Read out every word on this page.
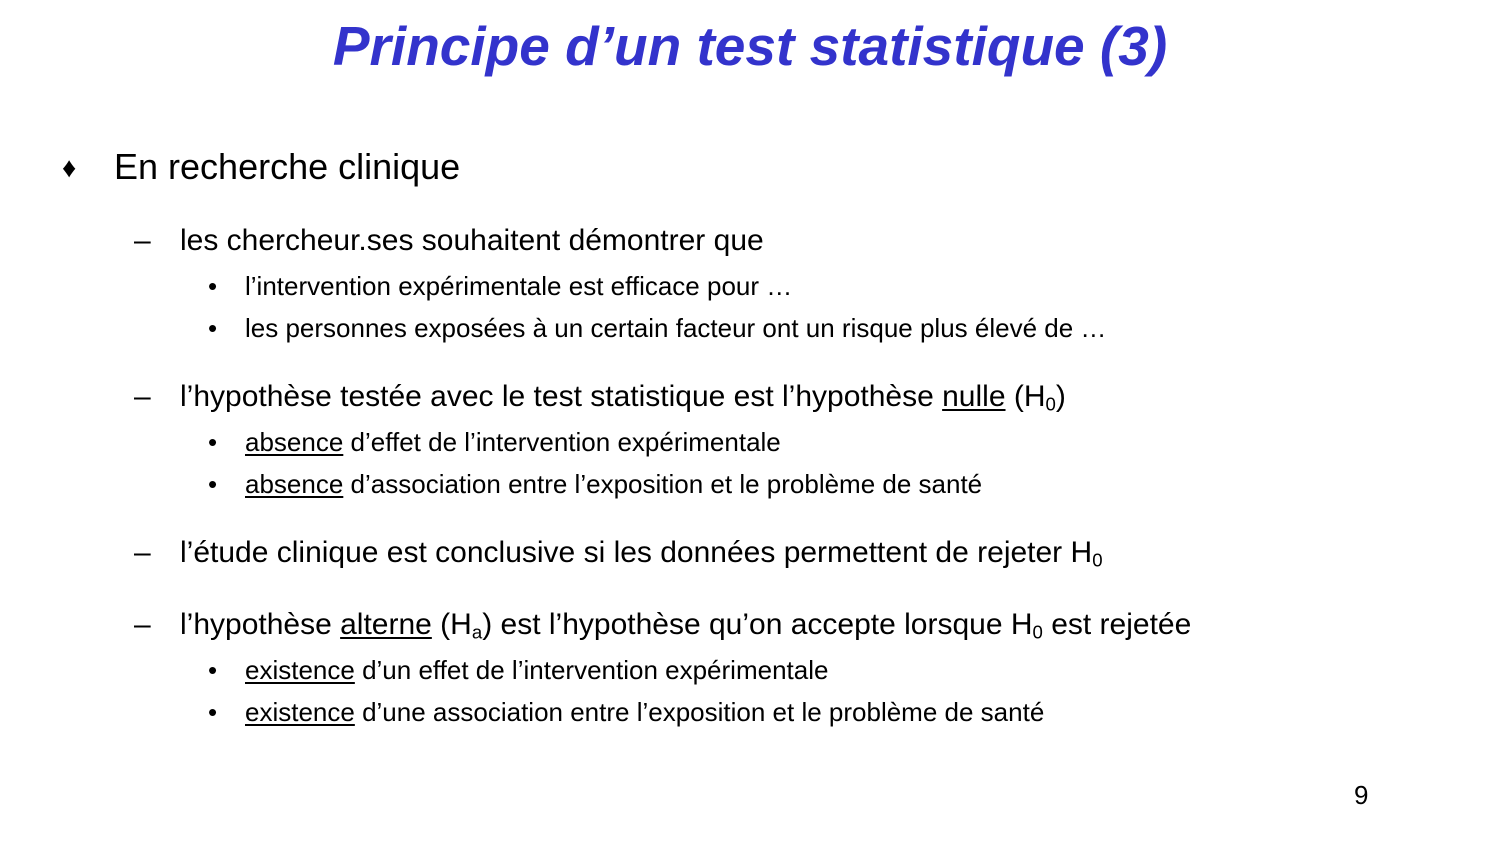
Principe d’un test statistique (3)
♦ En recherche clinique
– les chercheur.ses souhaitent démontrer que
• l’intervention expérimentale est efficace pour …
• les personnes exposées à un certain facteur ont un risque plus élevé de …
– l’hypothèse testée avec le test statistique est l’hypothèse nulle $(H_0)$
• absence d’effet de l’intervention expérimentale
• absence d’association entre l’exposition et le problème de santé
– l’étude clinique est conclusive si les données permettent de rejeter $H_0$
– l’hypothèse alterne $(H_a)$ est l’hypothèse qu’on accepte lorsque $H_0$ est rejetée
• existence d’un effet de l’intervention expérimentale
• existence d’une association entre l’exposition et le problème de santé
9
